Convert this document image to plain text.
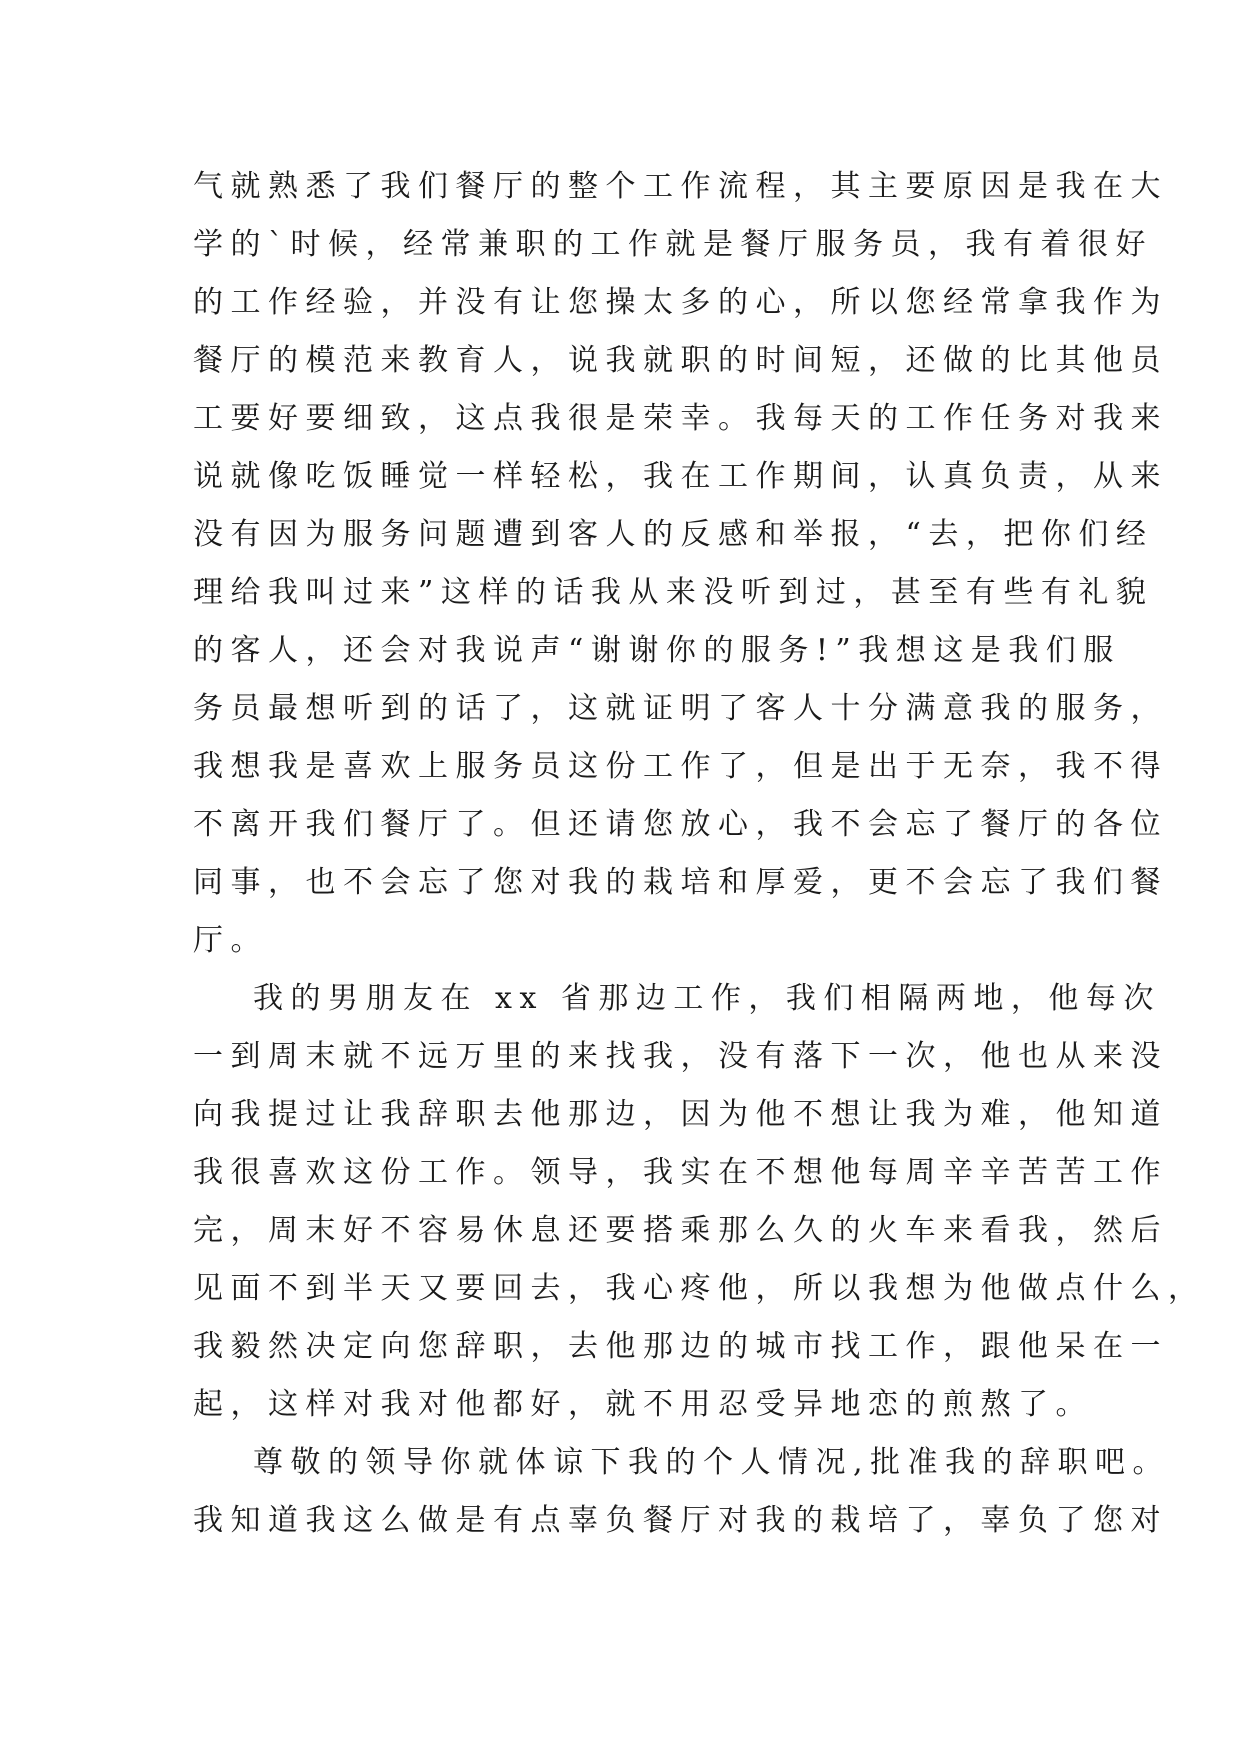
气就熟悉了我们餐厅的整个工作流程，其主要原因是我在大
学的`时候，经常兼职的工作就是餐厅服务员，我有着很好
的工作经验，并没有让您操太多的心，所以您经常拿我作为
餐厅的模范来教育人，说我就职的时间短，还做的比其他员
工要好要细致，这点我很是荣幸。我每天的工作任务对我来
说就像吃饭睡觉一样轻松，我在工作期间，认真负责，从来
没有因为服务问题遭到客人的反感和举报，“去，把你们经
理给我叫过来”这样的话我从来没听到过，甚至有些有礼貌
的客人，还会对我说声“谢谢你的服务!”我想这是我们服
务员最想听到的话了，这就证明了客人十分满意我的服务，
我想我是喜欢上服务员这份工作了，但是出于无奈，我不得
不离开我们餐厅了。但还请您放心，我不会忘了餐厅的各位
同事，也不会忘了您对我的栽培和厚爱，更不会忘了我们餐
厅。
我的男朋友在 xx 省那边工作，我们相隔两地，他每次
一到周末就不远万里的来找我，没有落下一次，他也从来没
向我提过让我辞职去他那边，因为他不想让我为难，他知道
我很喜欢这份工作。领导，我实在不想他每周辛辛苦苦工作
完，周末好不容易休息还要搭乘那么久的火车来看我，然后
见面不到半天又要回去，我心疼他，所以我想为他做点什么，
我毅然决定向您辞职，去他那边的城市找工作，跟他呆在一
起，这样对我对他都好，就不用忍受异地恋的煎熬了。
尊敬的领导你就体谅下我的个人情况,批准我的辞职吧。
我知道我这么做是有点辜负餐厅对我的栽培了，辜负了您对
